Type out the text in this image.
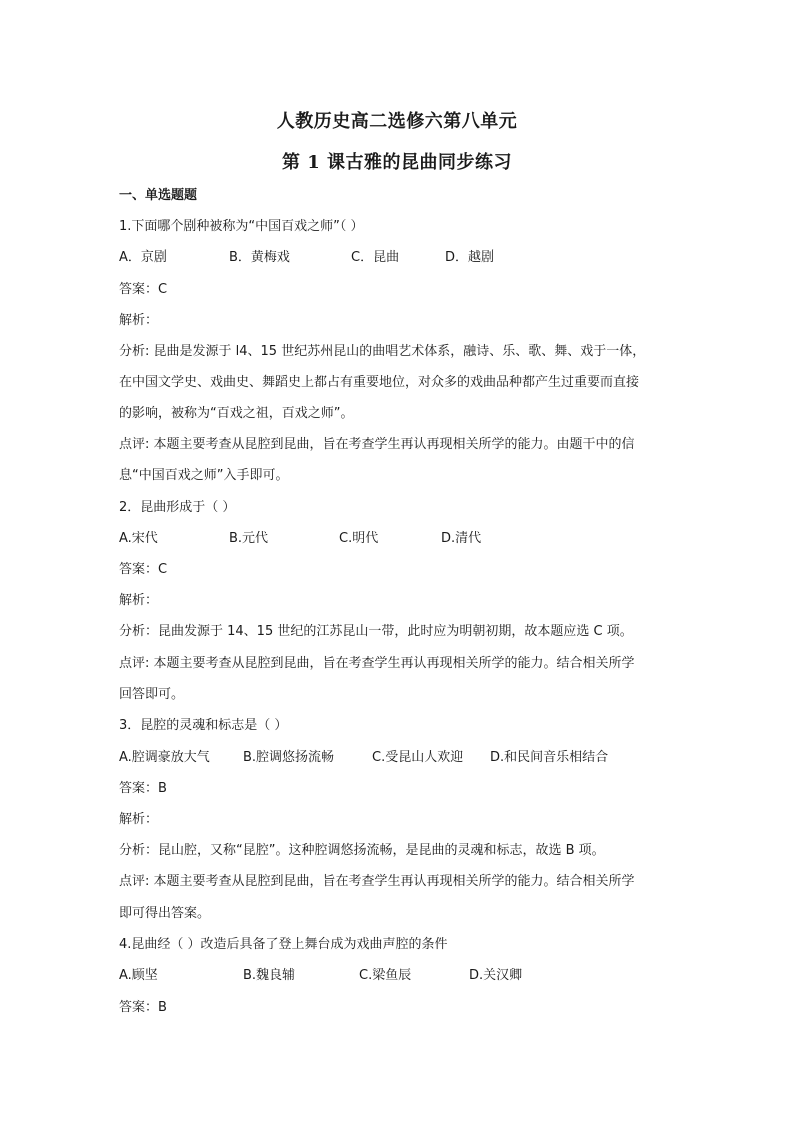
人教历史高二选修六第八单元
第 1 课古雅的昆曲同步练习
一、单选题题
1.下面哪个剧种被称为“中国百戏之师”（ ）
A．京剧	B．黄梅戏	C．昆曲	D．越剧
答案：C
解析：
分析: 昆曲是发源于 l4、15 世纪苏州昆山的曲唱艺术体系，融诗、乐、歌、舞、戏于一体，
在中国文学史、戏曲史、舞蹈史上都占有重要地位，对众多的戏曲品种都产生过重要而直接
的影响，被称为“百戏之祖，百戏之师”。
点评: 本题主要考查从昆腔到昆曲，旨在考查学生再认再现相关所学的能力。由题干中的信
息“中国百戏之师”入手即可。
2．昆曲形成于（ ）
A.宋代	B.元代	C.明代	D.清代
答案：C
解析：
分析：昆曲发源于 14、15 世纪的江苏昆山一带，此时应为明朝初期，故本题应选 C 项。
点评: 本题主要考查从昆腔到昆曲，旨在考查学生再认再现相关所学的能力。结合相关所学
回答即可。
3．昆腔的灵魂和标志是（ ）
A.腔调豪放大气	B.腔调悠扬流畅	C.受昆山人欢迎 D.和民间音乐相结合
答案：B
解析：
分析：昆山腔，又称“昆腔”。这种腔调悠扬流畅，是昆曲的灵魂和标志，故选 B 项。
点评: 本题主要考查从昆腔到昆曲，旨在考查学生再认再现相关所学的能力。结合相关所学
即可得出答案。
4.昆曲经（ ）改造后具备了登上舞台成为戏曲声腔的条件
A.顾坚	B.魏良辅	C.梁鱼辰	D.关汉卿
答案：B
